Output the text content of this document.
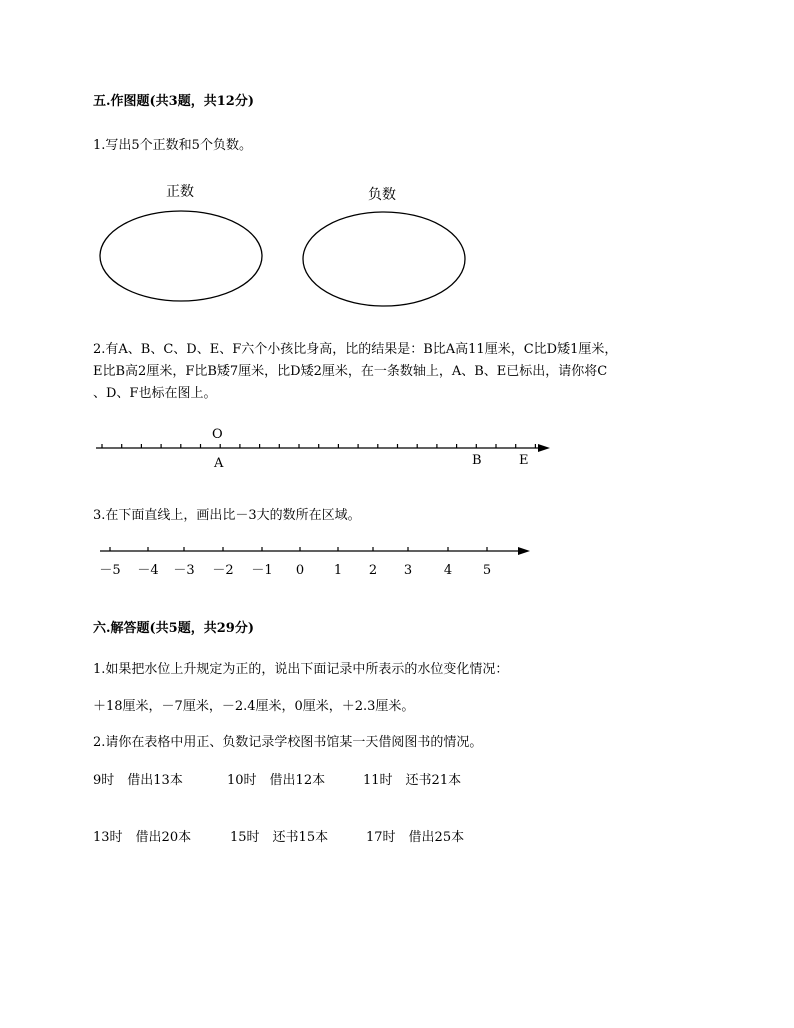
五.作图题(共3题，共12分)
1.写出5个正数和5个负数。
正数	负数
O
A	B	E
－5 －4 －3 －2 －1 0 1 2 3 4 5
2.有A、B、C、D、E、F六个小孩比身高，比的结果是：B比A高11厘米，C比D矮1厘米，
E比B高2厘米，F比B矮7厘米，比D矮2厘米，在一条数轴上，A、B、E已标出，请你将C
、D、F也标在图上。
3.在下面直线上，画出比－3大的数所在区域。
六.解答题(共5题，共29分)
1.如果把水位上升规定为正的，说出下面记录中所表示的水位变化情况：
＋18厘米，－7厘米，－2.4厘米，0厘米，＋2.3厘米。
2.请你在表格中用正、负数记录学校图书馆某一天借阅图书的情况。
9时　借出13本	10时　借出12本	11时　还书21本
13时　借出20本	15时　还书15本	17时　借出25本
